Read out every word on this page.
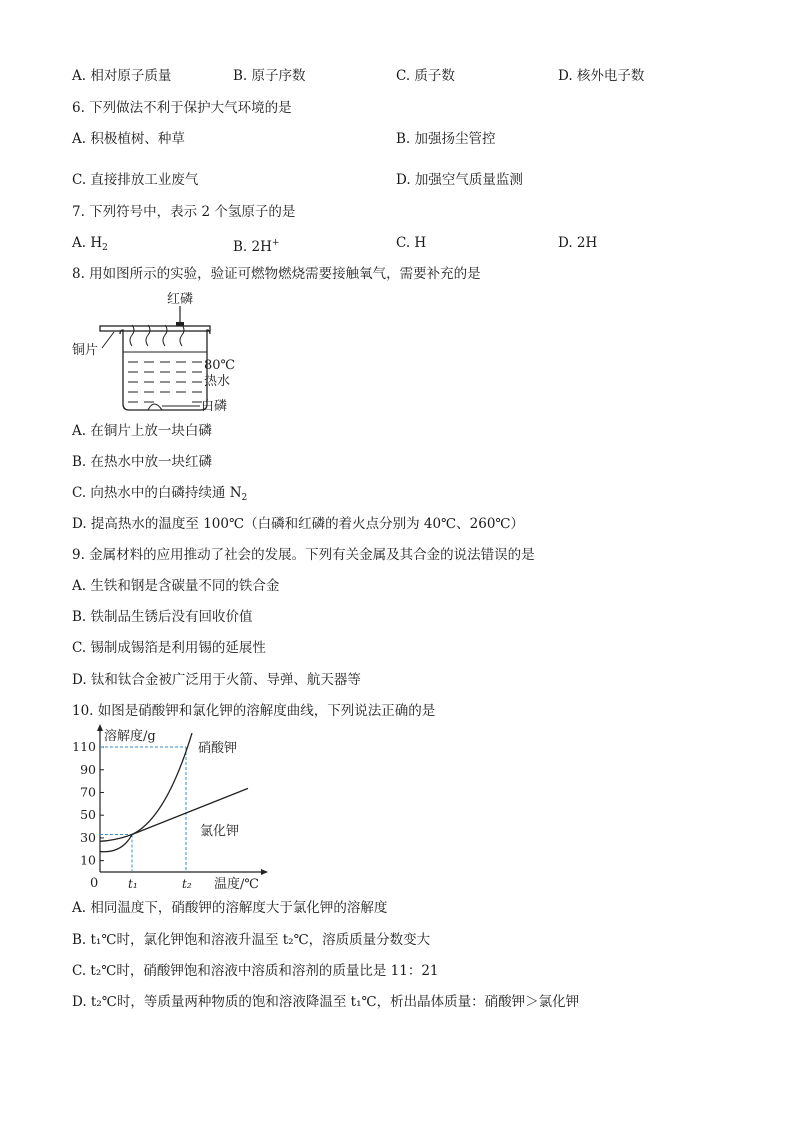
A. 相对原子质量	B. 原子序数	C. 质子数	D. 核外电子数
6. 下列做法不利于保护大气环境的是
A. 积极植树、种草	B. 加强扬尘管控
C. 直接排放工业废气	D. 加强空气质量监测
7. 下列符号中，表示 2 个氢原子的是
A. $H_2$	B. 2H+	C. H	D. 2H
8. 用如图所示的实验，验证可燃物燃烧需要接触氧气，需要补充的是
红磷
铜片
白磷
80℃
热水
A. 在铜片上放一块白磷
B. 在热水中放一块红磷
C. 向热水中的白磷持续通 $N_2$
D. 提高热水的温度至 100℃（白磷和红磷的着火点分别为 40℃、260℃）
9. 金属材料的应用推动了社会的发展。下列有关金属及其合金的说法错误的是
A. 生铁和钢是含碳量不同的铁合金
B. 铁制品生锈后没有回收价值
C. 锡制成锡箔是利用锡的延展性
D. 钛和钛合金被广泛用于火箭、导弹、航天器等
10. 如图是硝酸钾和氯化钾的溶解度曲线，下列说法正确的是
溶解度/g
温度/℃
0
10
30
50
70
90
110
t₁	t₂
硝酸钾
氯化钾
A. 相同温度下，硝酸钾的溶解度大于氯化钾的溶解度
B. t₁℃时，氯化钾饱和溶液升温至 t₂℃，溶质质量分数变大
C. t₂℃时，硝酸钾饱和溶液中溶质和溶剂的质量比是 11：21
D. t₂℃时，等质量两种物质的饱和溶液降温至 t₁℃，析出晶体质量：硝酸钾＞氯化钾
